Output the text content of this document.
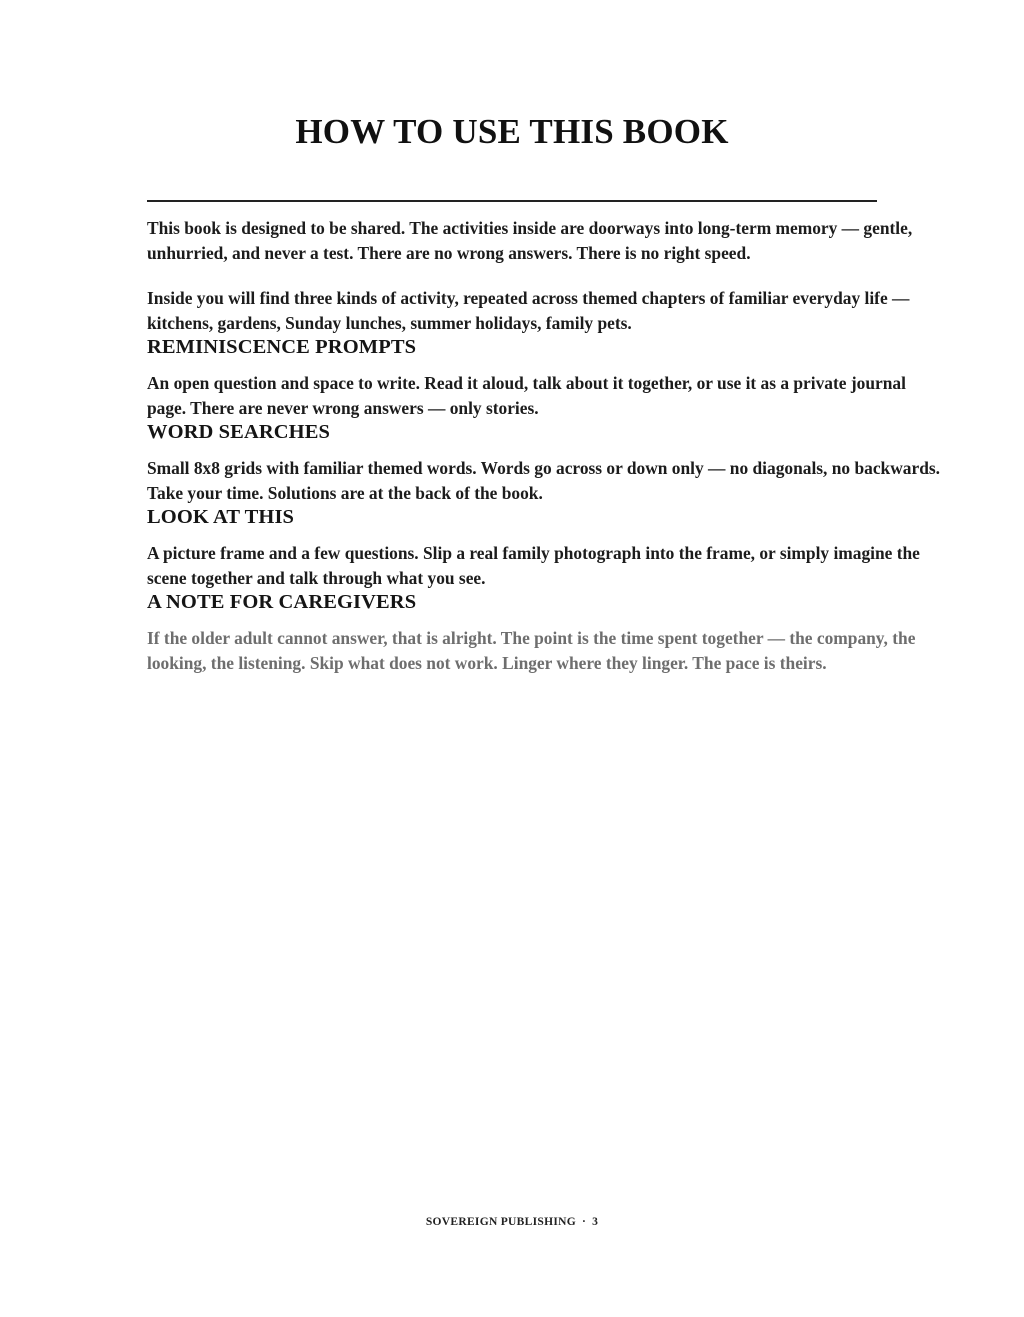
HOW TO USE THIS BOOK

This book is designed to be shared. The activities inside are doorways into long-term memory — gentle, unhurried, and never a test. There are no wrong answers. There is no right speed.

Inside you will find three kinds of activity, repeated across themed chapters of familiar everyday life — kitchens, gardens, Sunday lunches, summer holidays, family pets.

REMINISCENCE PROMPTS

An open question and space to write. Read it aloud, talk about it together, or use it as a private journal page. There are never wrong answers — only stories.

WORD SEARCHES

Small 8x8 grids with familiar themed words. Words go across or down only — no diagonals, no backwards. Take your time. Solutions are at the back of the book.

LOOK AT THIS

A picture frame and a few questions. Slip a real family photograph into the frame, or simply imagine the scene together and talk through what you see.

A NOTE FOR CAREGIVERS

If the older adult cannot answer, that is alright. The point is the time spent together — the company, the looking, the listening. Skip what does not work. Linger where they linger. The pace is theirs.

SOVEREIGN PUBLISHING · 3
